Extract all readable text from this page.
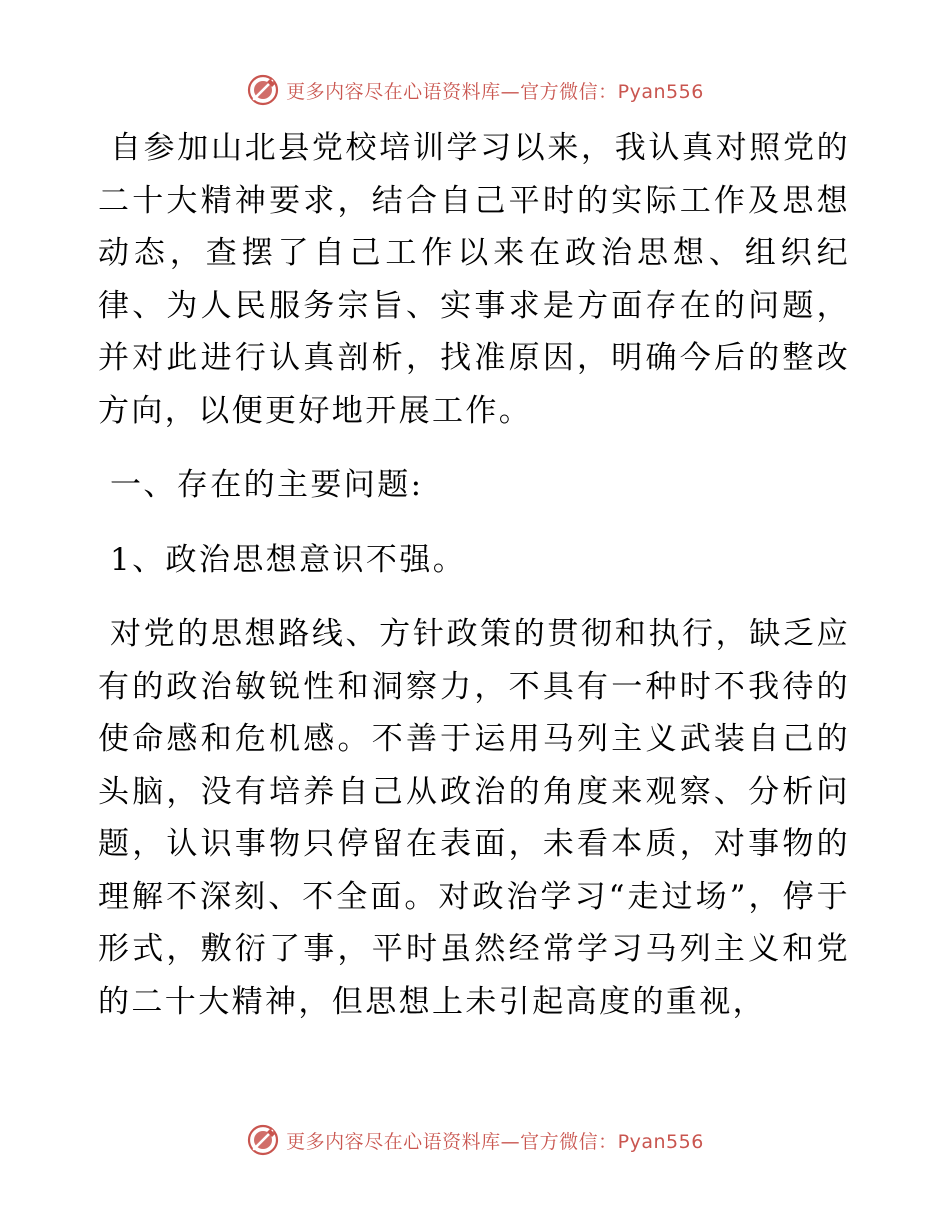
更多内容尽在心语资料库—官方微信：Pyan556

自参加山北县党校培训学习以来，我认真对照党的二十大精神要求，结合自己平时的实际工作及思想动态，查摆了自己工作以来在政治思想、组织纪律、为人民服务宗旨、实事求是方面存在的问题，并对此进行认真剖析，找准原因，明确今后的整改方向，以便更好地开展工作。

一、存在的主要问题:

1、政治思想意识不强。

对党的思想路线、方针政策的贯彻和执行，缺乏应有的政治敏锐性和洞察力，不具有一种时不我待的使命感和危机感。不善于运用马列主义武装自己的头脑，没有培养自己从政治的角度来观察、分析问题，认识事物只停留在表面，未看本质，对事物的理解不深刻、不全面。对政治学习“走过场”，停于形式，敷衍了事，平时虽然经常学习马列主义和党的二十大精神，但思想上未引起高度的重视，

更多内容尽在心语资料库—官方微信：Pyan556
